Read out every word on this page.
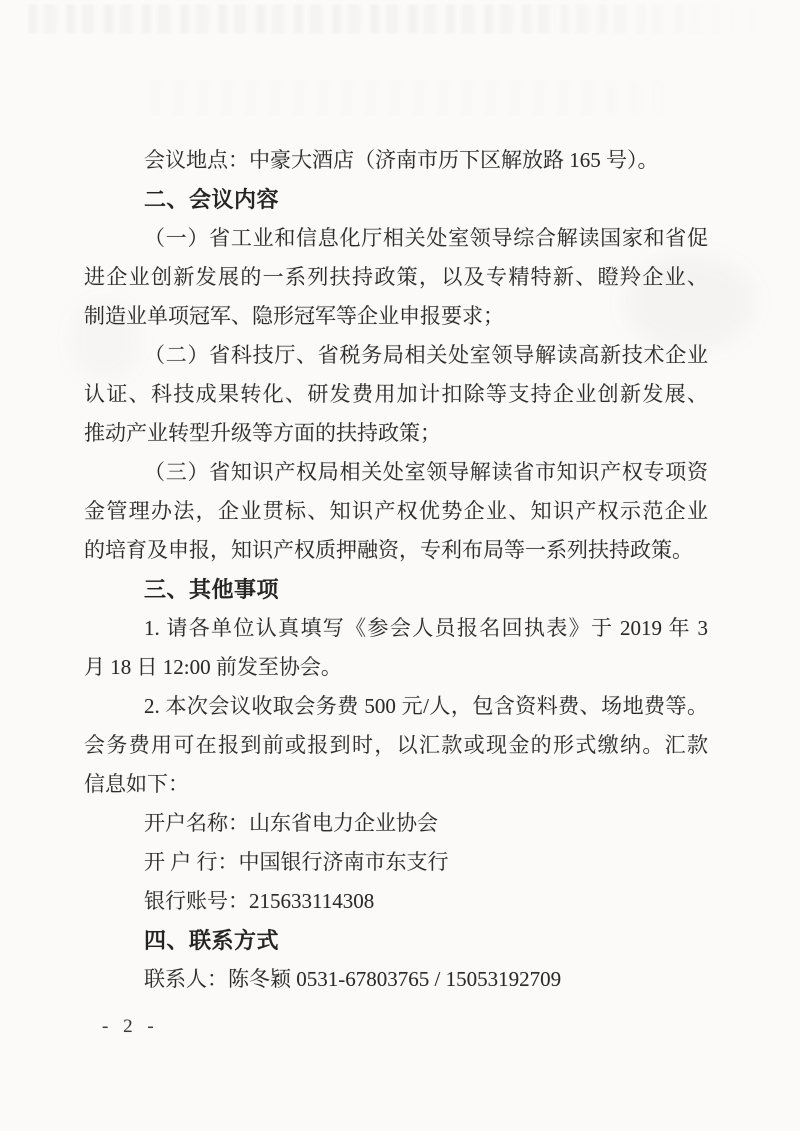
会议地点：中豪大酒店（济南市历下区解放路 165 号）。

二、会议内容

（一）省工业和信息化厅相关处室领导综合解读国家和省促

进企业创新发展的一系列扶持政策，以及专精特新、瞪羚企业、

制造业单项冠军、隐形冠军等企业申报要求；

（二）省科技厅、省税务局相关处室领导解读高新技术企业

认证、科技成果转化、研发费用加计扣除等支持企业创新发展、

推动产业转型升级等方面的扶持政策；

（三）省知识产权局相关处室领导解读省市知识产权专项资

金管理办法，企业贯标、知识产权优势企业、知识产权示范企业

的培育及申报，知识产权质押融资，专利布局等一系列扶持政策。

三、其他事项

1. 请各单位认真填写《参会人员报名回执表》于 2019 年 3

月 18 日 12:00 前发至协会。

2. 本次会议收取会务费 500 元/人，包含资料费、场地费等。

会务费用可在报到前或报到时，以汇款或现金的形式缴纳。汇款

信息如下：

开户名称：山东省电力企业协会

开 户 行：中国银行济南市东支行

银行账号：215633114308

四、联系方式

联系人：陈冬颖 0531-67803765 / 15053192709

- 2 -
